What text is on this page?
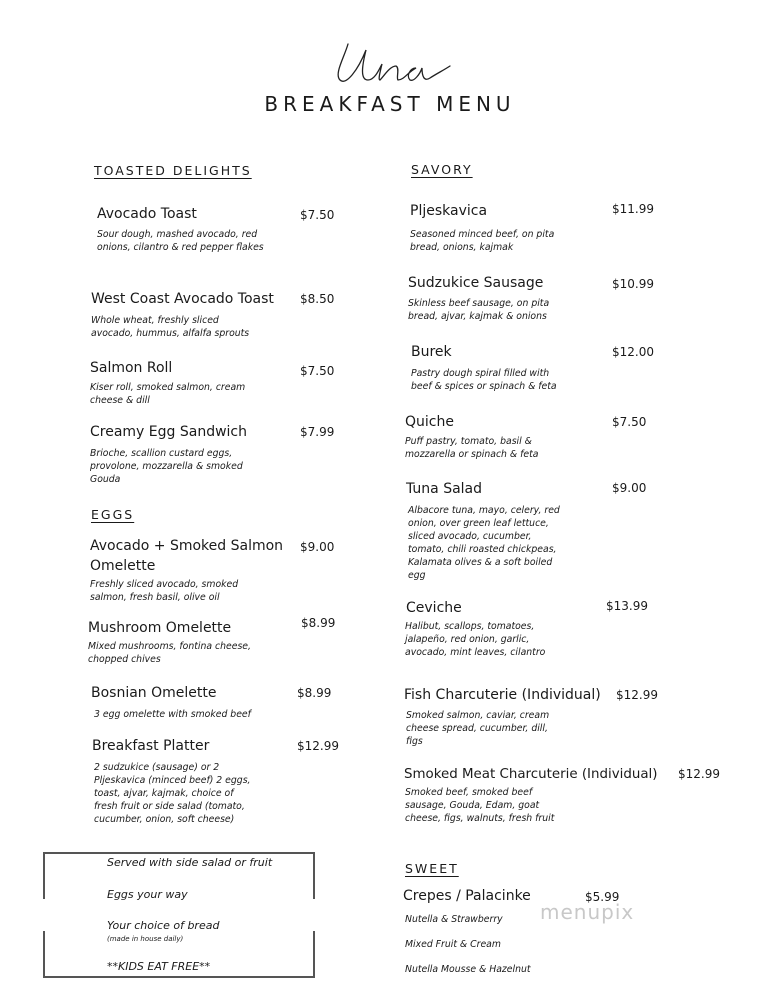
BREAKFAST MENU
TOASTED DELIGHTS
EGGS
SAVORY
SWEET
Avocado Toast	$7.50
Sour dough, mashed avocado, red onions, cilantro & red pepper flakes
West Coast Avocado Toast $8.50
Whole wheat, freshly sliced avocado, hummus, alfalfa sprouts
Salmon Roll	$7.50
Kiser roll, smoked salmon, cream cheese & dill
Creamy Egg Sandwich	$7.99
Brioche, scallion custard eggs, provolone, mozzarella & smoked Gouda
Avocado + Smoked Salmon Omelette
$9.00
Freshly sliced avocado, smoked salmon, fresh basil, olive oil
Mushroom Omelette	$8.99
Mixed mushrooms, fontina cheese, chopped chives
Bosnian Omelette	$8.99
3 egg omelette with smoked beef
Breakfast Platter	$12.99
2 sudzukice (sausage) or 2 Pljeskavica (minced beef) 2 eggs, toast, ajvar, kajmak, choice of fresh fruit or side salad (tomato, cucumber, onion, soft cheese)
Served with side salad or fruit
Eggs your way
Your choice of bread
(made in house daily)
**KIDS EAT FREE**
Pljeskavica	$11.99
Seasoned minced beef, on pita bread, onions, kajmak
Sudzukice Sausage	$10.99
Skinless beef sausage, on pita bread, ajvar, kajmak & onions
Burek	$12.00
Pastry dough spiral filled with beef & spices or spinach & feta
Quiche	$7.50
Puff pastry, tomato, basil & mozzarella or spinach & feta
Tuna Salad	$9.00
Albacore tuna, mayo, celery, red onion, over green leaf lettuce, sliced avocado, cucumber, tomato, chili roasted chickpeas, Kalamata olives & a soft boiled egg
Ceviche	$13.99
Halibut, scallops, tomatoes, jalapeño, red onion, garlic, avocado, mint leaves, cilantro
Fish Charcuterie (Individual) $12.99
Smoked salmon, caviar, cream cheese spread, cucumber, dill, figs
Smoked Meat Charcuterie (Individual) $12.99
Smoked beef, smoked beef sausage, Gouda, Edam, goat cheese, figs, walnuts, fresh fruit
Crepes / Palacinke	$5.99
Nutella & Strawberry
Mixed Fruit & Cream
Nutella Mousse & Hazelnut
menupix
